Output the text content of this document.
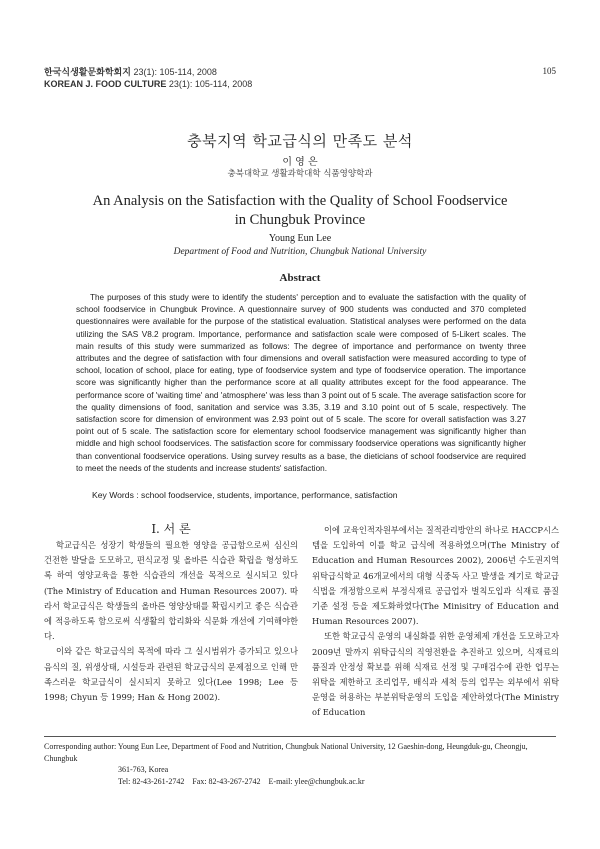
한국식생활문화학회지 23(1): 105-114, 2008
KOREAN J. FOOD CULTURE 23(1): 105-114, 2008
105
충북지역 학교급식의 만족도 분석
이 영 은
충북대학교 생활과학대학 식품영양학과
An Analysis on the Satisfaction with the Quality of School Foodservice
in Chungbuk Province
Young Eun Lee
Department of Food and Nutrition, Chungbuk National University
Abstract
The purposes of this study were to identify the students' perception and to evaluate the satisfaction with the quality of school foodservice in Chungbuk Province. A questionnaire survey of 900 students was conducted and 370 completed questionnaires were available for the purpose of the statistical evaluation. Statistical analyses were performed on the data utilizing the SAS V8.2 program. Importance, performance and satisfaction scale were composed of 5-Likert scales. The main results of this study were summarized as follows: The degree of importance and performance on twenty three attributes and the degree of satisfaction with four dimensions and overall satisfaction were measured according to type of school, location of school, place for eating, type of foodservice system and type of foodservice operation. The importance score was significantly higher than the performance score at all quality attributes except for the food appearance. The performance score of 'waiting time' and 'atmosphere' was less than 3 point out of 5 scale. The average satisfaction score for the quality dimensions of food, sanitation and service was 3.35, 3.19 and 3.10 point out of 5 scale, respectively. The satisfaction score for dimension of environment was 2.93 point out of 5 scale. The score for overall satisfaction was 3.27 point out of 5 scale. The satisfaction score for elementary school foodservice management was significantly higher than middle and high school foodservices. The satisfaction score for commissary foodservice operations was significantly higher than conventional foodservice operations. Using survey results as a base, the dieticians of school foodservice are required to meet the needs of the students and increase students' satisfaction.
Key Words : school foodservice, students, importance, performance, satisfaction
Ⅰ. 서 론

학교급식은 성장기 학생들의 필요한 영양을 공급함으로써 심신의 건전한 발달을 도모하고, 편식교정 및 올바른 식습관 확립을 형성하도록 하여 영양교육을 통한 식습관의 개선을 목적으로 실시되고 있다(The Ministry of Education and Human Resources 2007). 따라서 학교급식은 학생들의 올바른 영양상태를 확립시키고 좋은 식습관에 적응하도록 함으로써 식생활의 합리화와 식문화 개선에 기여해야한다.

이와 같은 학교급식의 목적에 따라 그 실시범위가 증가되고 있으나 음식의 질, 위생상태, 시설등과 관련된 학교급식의 문제점으로 인해 만족스러운 학교급식이 실시되지 못하고 있다(Lee 1998; Lee 등 1998; Chyun 등 1999; Han & Hong 2002).

이에 교육인적자원부에서는 질적관리방안의 하나로 HACCP시스템을 도입하여 이를 학교 급식에 적용하였으며(The Ministry of Education and Human Resources 2002), 2006년 수도권지역 위탁급식학교 46개교에서의 대형 식중독 사고 발생을 계기로 학교급식법을 개정함으로써 부정식재료 공급업자 벌칙도입과 식재료 품질기준 설정 등을 제도화하였다(The Minisitry of Education and Human Resources 2007).

또한 학교급식 운영의 내실화를 위한 운영체제 개선을 도모하고자 2009년 말까지 위탁급식의 직영전환을 추진하고 있으며, 식재료의 품질과 안정성 확보를 위해 식재료 선정 및 구매검수에 관한 업무는 위탁을 제한하고 조리업무, 배식과 세척 등의 업무는 외부에서 위탁운영을 허용하는 부분위탁운영의 도입을 제안하였다(The Ministry of Education

Corresponding author: Young Eun Lee, Department of Food and Nutrition, Chungbuk National University, 12 Gaeshin-dong, Heungduk-gu, Cheongju, Chungbuk
361-763, Korea
Tel: 82-43-261-2742    Fax: 82-43-267-2742    E-mail: ylee@chungbuk.ac.kr
